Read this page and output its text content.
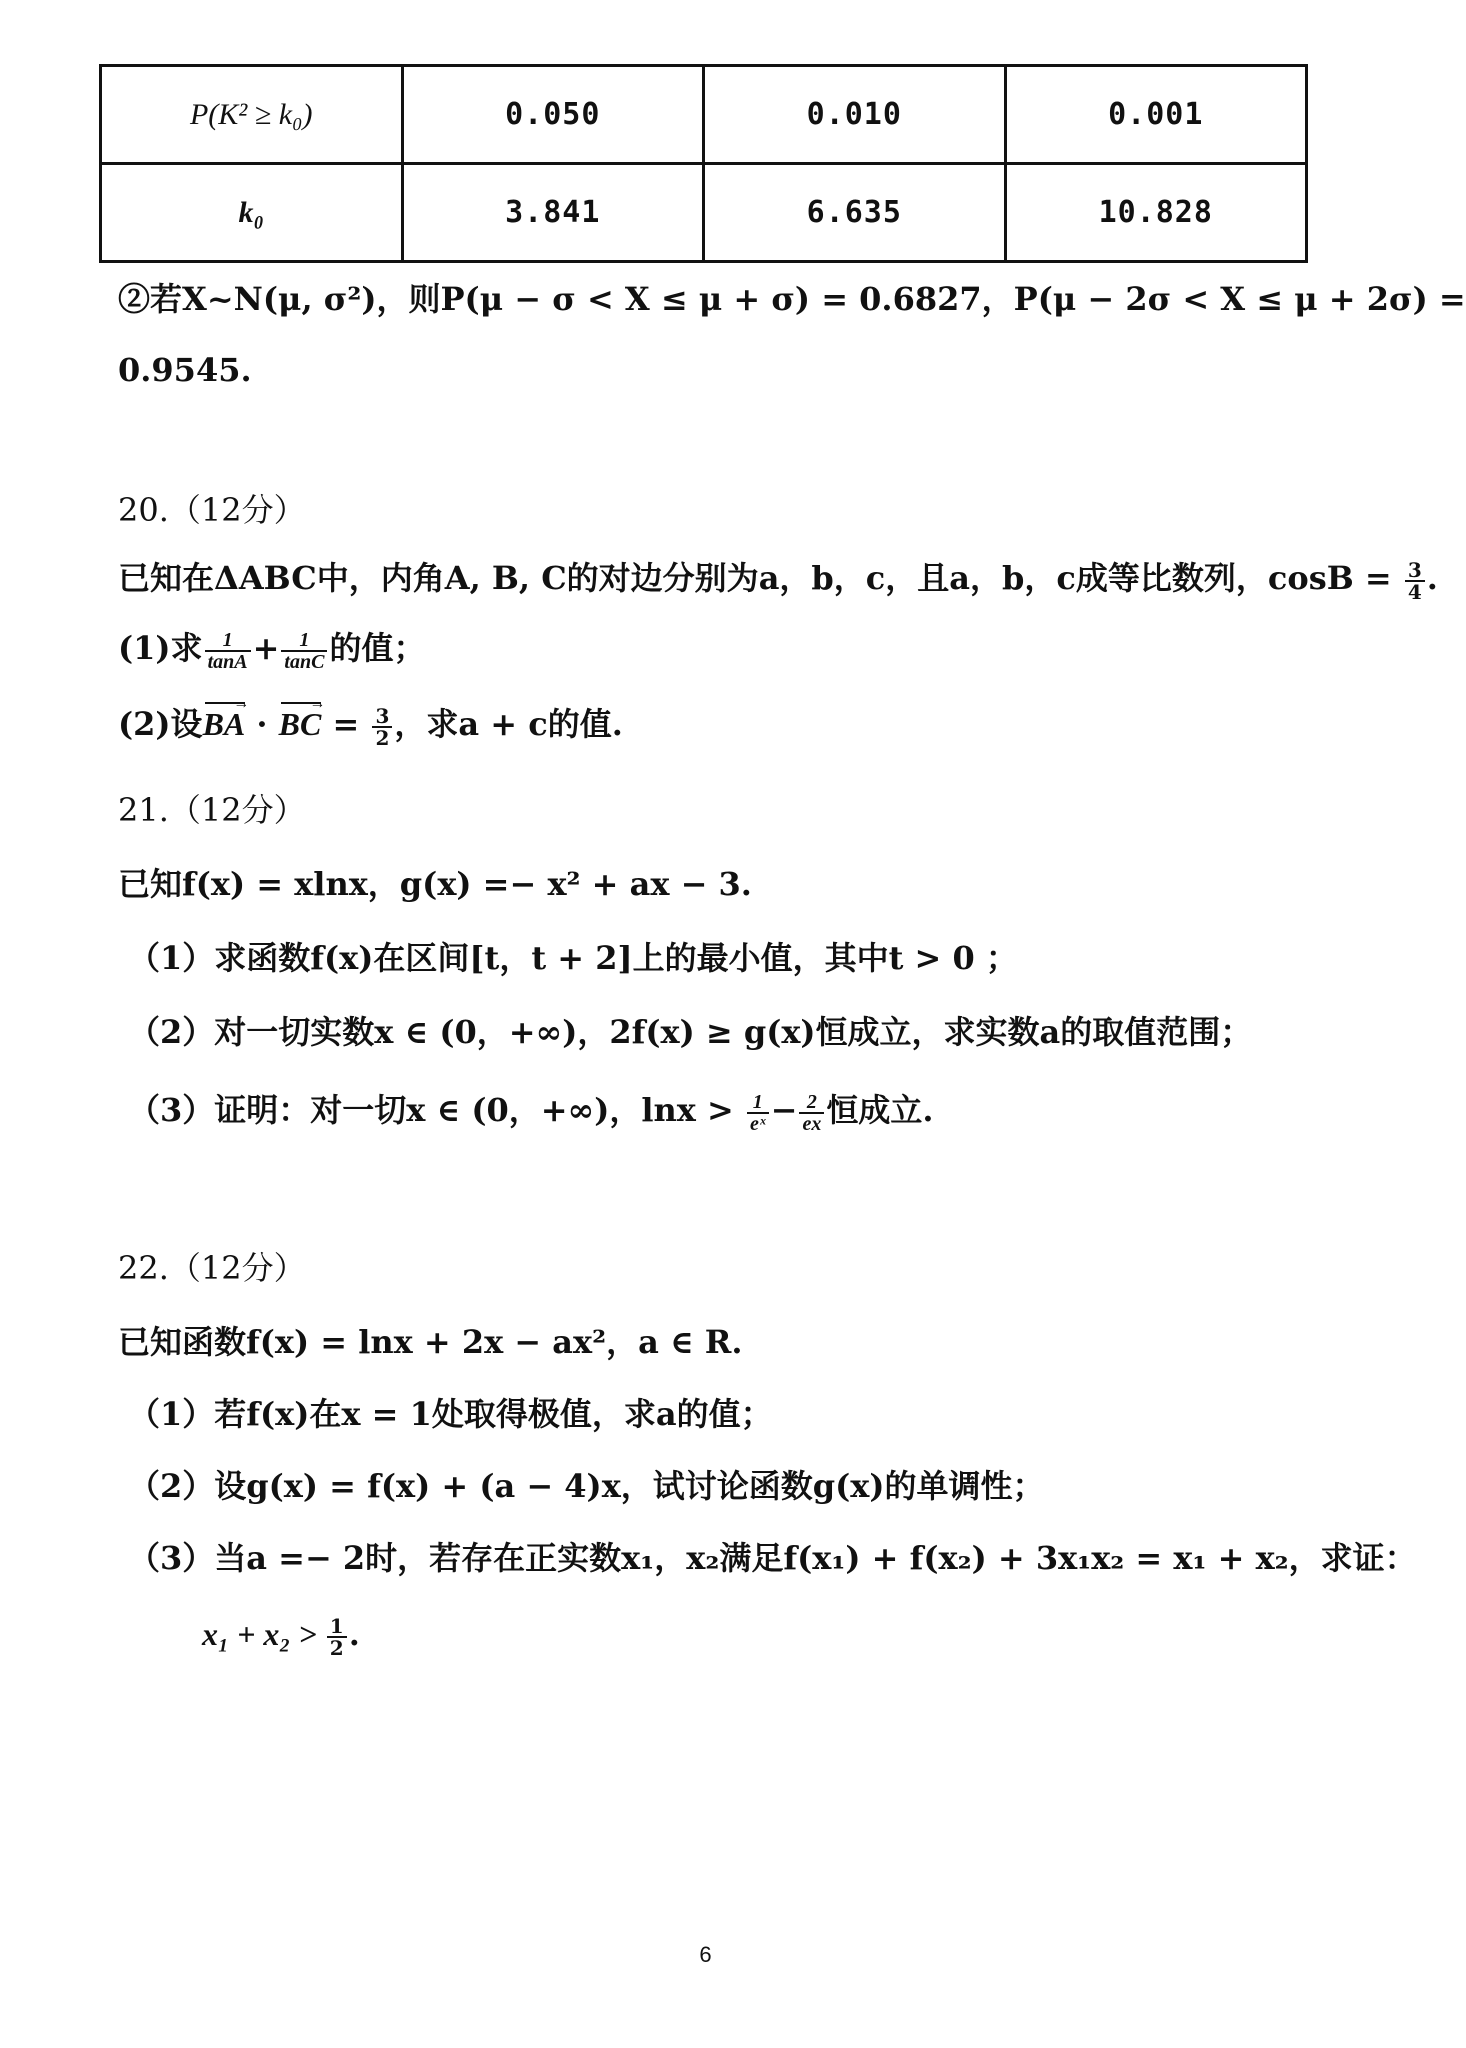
P(K² ≥ k₀)	0.050	0.010	0.001
k₀	3.841	6.635	10.828
②若X~N(μ, σ²)，则P(μ − σ < X ≤ μ + σ) = 0.6827，P(μ − 2σ < X ≤ μ + 2σ) =
0.9545.
20.（12分）
已知在ΔABC中，内角A, B, C的对边分别为a，b，c，且a，b，c成等比数列，$\cos B = \frac{3}{4}$ .
(1)求 $\frac{1}{\tan A} + \frac{1}{\tan C}$ 的值；
(2)设BA → · BC → = $\frac{3}{2}$ ，求a + c的值.
21.（12分）
已知f(x) = xlnx，g(x) =− x² + ax − 3.
（1）求函数f(x)在区间[t，t + 2]上的最小值，其中t > 0 ；
（2）对一切实数x ∈ (0，+∞)，2f(x) ≥ g(x)恒成立，求实数a的取值范围；
（3）证明：对一切x ∈ (0，+∞)，$\ln x > \frac{1}{\text{eˣ}} - \frac{2}{ex}$ 恒成立.
22.（12分）
已知函数f(x) = lnx + 2x − ax²，a ∈ R.
（1）若f(x)在x = 1处取得极值，求a的值；
（2）设g(x) = f(x) + (a − 4)x，试讨论函数g(x)的单调性；
（3）当a =− 2时，若存在正实数x₁，x₂满足f(x₁) + f(x₂) + 3x₁x₂ = x₁ + x₂，求证：
$x_1 + x_2 > \frac{1}{2}$ .
6
